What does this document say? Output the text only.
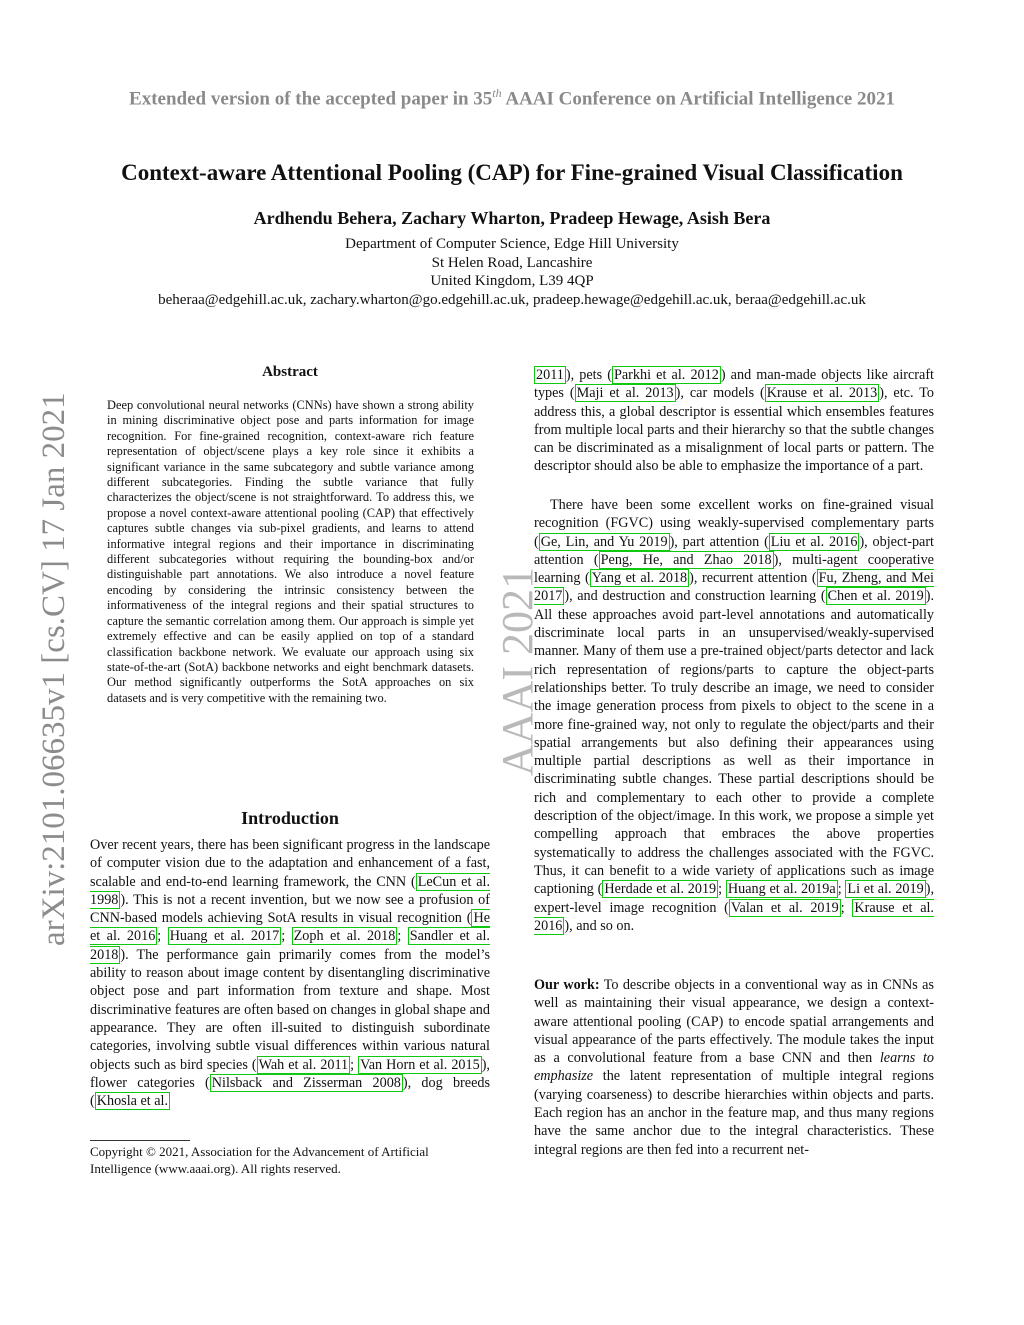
Extended version of the accepted paper in 35th AAAI Conference on Artificial Intelligence 2021
Context-aware Attentional Pooling (CAP) for Fine-grained Visual Classification
Ardhendu Behera, Zachary Wharton, Pradeep Hewage, Asish Bera
Department of Computer Science, Edge Hill University
St Helen Road, Lancashire
United Kingdom, L39 4QP
beheraa@edgehill.ac.uk, zachary.wharton@go.edgehill.ac.uk, pradeep.hewage@edgehill.ac.uk, beraa@edgehill.ac.uk
arXiv:2101.06635v1 [cs.CV] 17 Jan 2021	AAAI 2021
Abstract
Deep convolutional neural networks (CNNs) have shown a strong ability in mining discriminative object pose and parts information for image recognition. For fine-grained recognition, context-aware rich feature representation of object/scene plays a key role since it exhibits a significant variance in the same subcategory and subtle variance among different subcategories. Finding the subtle variance that fully characterizes the object/scene is not straightforward. To address this, we propose a novel context-aware attentional pooling (CAP) that effectively captures subtle changes via sub-pixel gradients, and learns to attend informative integral regions and their importance in discriminating different subcategories without requiring the bounding-box and/or distinguishable part annotations. We also introduce a novel feature encoding by considering the intrinsic consistency between the informativeness of the integral regions and their spatial structures to capture the semantic correlation among them. Our approach is simple yet extremely effective and can be easily applied on top of a standard classification backbone network. We evaluate our approach using six state-of-the-art (SotA) backbone networks and eight benchmark datasets. Our method significantly outperforms the SotA approaches on six datasets and is very competitive with the remaining two.
Introduction
Over recent years, there has been significant progress in the landscape of computer vision due to the adaptation and enhancement of a fast, scalable and end-to-end learning framework, the CNN ( LeCun et al. 1998 ). This is not a recent invention, but we now see a profusion of CNN-based models achieving SotA results in visual recognition ( He et al. 2016 ; Huang et al. 2017 ; Zoph et al. 2018 ; Sandler et al. 2018 ). The performance gain primarily comes from the model’s ability to reason about image content by disentangling discriminative object pose and part information from texture and shape. Most discriminative features are often based on changes in global shape and appearance. They are often ill-suited to distinguish subordinate categories, involving subtle visual differences within various natural objects such as bird species ( Wah et al. 2011 ; Van Horn et al. 2015 ), flower categories ( Nilsback and Zisserman 2008 ), dog breeds ( Khosla et al.
Copyright © 2021, Association for the Advancement of Artificial Intelligence (www.aaai.org). All rights reserved.
2011 ), pets ( Parkhi et al. 2012 ) and man-made objects like aircraft types ( Maji et al. 2013 ), car models ( Krause et al. 2013 ), etc. To address this, a global descriptor is essential which ensembles features from multiple local parts and their hierarchy so that the subtle changes can be discriminated as a misalignment of local parts or pattern. The descriptor should also be able to emphasize the importance of a part.
There have been some excellent works on fine-grained visual recognition (FGVC) using weakly-supervised complementary parts ( Ge, Lin, and Yu 2019 ), part attention ( Liu et al. 2016 ), object-part attention ( Peng, He, and Zhao 2018 ), multi-agent cooperative learning ( Yang et al. 2018 ), recurrent attention ( Fu, Zheng, and Mei 2017 ), and destruction and construction learning ( Chen et al. 2019 ). All these approaches avoid part-level annotations and automatically discriminate local parts in an unsupervised/weakly-supervised manner. Many of them use a pre-trained object/parts detector and lack rich representation of regions/parts to capture the object-parts relationships better. To truly describe an image, we need to consider the image generation process from pixels to object to the scene in a more fine-grained way, not only to regulate the object/parts and their spatial arrangements but also defining their appearances using multiple partial descriptions as well as their importance in discriminating subtle changes. These partial descriptions should be rich and complementary to each other to provide a complete description of the object/image. In this work, we propose a simple yet compelling approach that embraces the above properties systematically to address the challenges associated with the FGVC. Thus, it can benefit to a wide variety of applications such as image captioning ( Herdade et al. 2019 ; Huang et al. 2019a ; Li et al. 2019 ), expert-level image recognition ( Valan et al. 2019 ; Krause et al. 2016 ), and so on.
Our work: To describe objects in a conventional way as in CNNs as well as maintaining their visual appearance, we design a context-aware attentional pooling (CAP) to encode spatial arrangements and visual appearance of the parts effectively. The module takes the input as a convolutional feature from a base CNN and then learns to emphasize the latent representation of multiple integral regions (varying coarseness) to describe hierarchies within objects and parts. Each region has an anchor in the feature map, and thus many regions have the same anchor due to the integral characteristics. These integral regions are then fed into a recurrent net-
